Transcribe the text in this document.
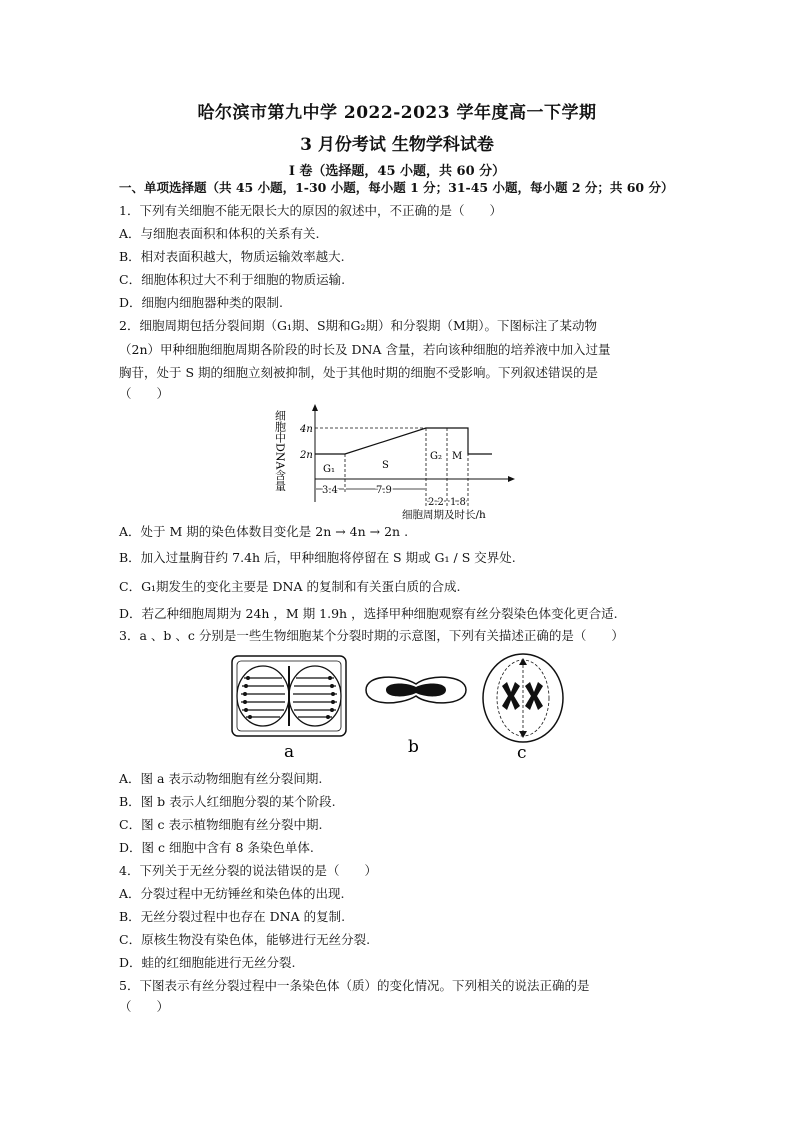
哈尔滨市第九中学 2022-2023 学年度高一下学期
3 月份考试 生物学科试卷
I 卷（选择题，45 小题，共 60 分）
一、单项选择题（共 45 小题，1-30 小题，每小题 1 分；31-45 小题，每小题 2 分；共 60 分）
1．下列有关细胞不能无限长大的原因的叙述中，不正确的是（　　）
A．与细胞表面积和体积的关系有关.
B．相对表面积越大，物质运输效率越大.
C．细胞体积过大不利于细胞的物质运输.
D．细胞内细胞器种类的限制.
2．细胞周期包括分裂间期（G₁期、S期和G₂期）和分裂期（M期）。下图标注了某动物
（2n）甲种细胞细胞周期各阶段的时长及 DNA 含量，若向该种细胞的培养液中加入过量
胸苷，处于 S 期的细胞立刻被抑制，处于其他时期的细胞不受影响。下列叙述错误的是
（　　）
细胞中DNA含量 4n
2n
G₁	S
G₂ M
3.4	7.9
2.2 1.8
细胞周期及时长/h
A．处于 M 期的染色体数目变化是 2n → 4n → 2n .
B．加入过量胸苷约 7.4h 后，甲种细胞将停留在 S 期或 G₁ / S 交界处.
C．G₁期发生的变化主要是 DNA 的复制和有关蛋白质的合成.
D．若乙种细胞周期为 24h ，M 期 1.9h ，选择甲种细胞观察有丝分裂染色体变化更合适.
3．a 、b 、c 分别是一些生物细胞某个分裂时期的示意图，下列有关描述正确的是（　　）
a	b	c
A．图 a 表示动物细胞有丝分裂间期.
B．图 b 表示人红细胞分裂的某个阶段.
C．图 c 表示植物细胞有丝分裂中期.
D．图 c 细胞中含有 8 条染色单体.
4．下列关于无丝分裂的说法错误的是（　　）
A．分裂过程中无纺锤丝和染色体的出现.
B．无丝分裂过程中也存在 DNA 的复制.
C．原核生物没有染色体，能够进行无丝分裂.
D．蛙的红细胞能进行无丝分裂.
5．下图表示有丝分裂过程中一条染色体（质）的变化情况。下列相关的说法正确的是
（　　）
